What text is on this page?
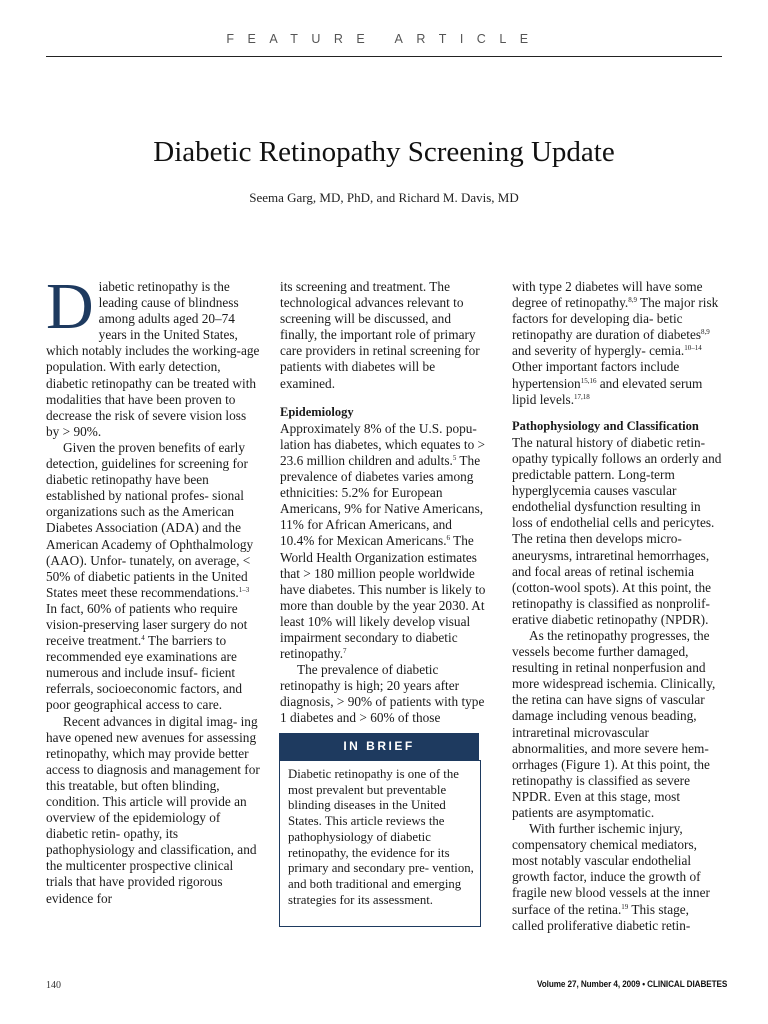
FEATURE ARTICLE
Diabetic Retinopathy Screening Update
Seema Garg, MD, PhD, and Richard M. Davis, MD

Diabetic retinopathy is the leading cause of blindness among adults aged 20–74 years in the United States, which notably includes the working-age population. With early detection, diabetic retinopathy can be treated with modalities that have been proven to decrease the risk of severe vision loss by > 90%.

Given the proven benefits of early detection, guidelines for screening for diabetic retinopathy have been established by national profes- sional organizations such as the American Diabetes Association (ADA) and the American Academy of Ophthalmology (AAO). Unfor- tunately, on average, < 50% of diabetic patients in the United States meet these recommendations.$^{1-3}$ In fact, 60% of patients who require vision-preserving laser surgery do not receive treatment.$^4$ The barriers to recommended eye examinations are numerous and include insuf- ficient referrals, socioeconomic factors, and poor geographical access to care.

Recent advances in digital imag- ing have opened new avenues for assessing retinopathy, which may provide better access to diagnosis and management for this treatable, but often blinding, condition. This article will provide an overview of the epidemiology of diabetic retin- opathy, its pathophysiology and classification, and the multicenter prospective clinical trials that have provided rigorous evidence for

its screening and treatment. The technological advances relevant to screening will be discussed, and finally, the important role of primary care providers in retinal screening for patients with diabetes will be examined.

Epidemiology

Approximately 8% of the U.S. popu- lation has diabetes, which equates to > 23.6 million children and adults.$^5$ The prevalence of diabetes varies among ethnicities: 5.2% for European Americans, 9% for Native Americans, 11% for African Americans, and 10.4% for Mexican Americans.$^6$ The World Health Organization estimates that > 180 million people worldwide have diabetes. This number is likely to more than double by the year 2030. At least 10% will likely develop visual impairment secondary to diabetic retinopathy.$^7$

The prevalence of diabetic retinopathy is high; 20 years after diagnosis, > 90% of patients with type 1 diabetes and > 60% of those

IN BRIEF

Diabetic retinopathy is one of the most prevalent but preventable blinding diseases in the United States. This article reviews the pathophysiology of diabetic retinopathy, the evidence for its primary and secondary pre- vention, and both traditional and emerging strategies for its assessment.

with type 2 diabetes will have some degree of retinopathy.$^{8,9}$ The major risk factors for developing dia- betic retinopathy are duration of diabetes$^{8,9}$ and severity of hypergly- cemia.$^{10-14}$ Other important factors include hypertension$^{15,16}$ and elevated serum lipid levels.$^{17,18}$

Pathophysiology and Classification

The natural history of diabetic retin- opathy typically follows an orderly and predictable pattern. Long-term hyperglycemia causes vascular endothelial dysfunction resulting in loss of endothelial cells and pericytes. The retina then develops micro- aneurysms, intraretinal hemorrhages, and focal areas of retinal ischemia (cotton-wool spots). At this point, the retinopathy is classified as nonprolif- erative diabetic retinopathy (NPDR).

As the retinopathy progresses, the vessels become further damaged, resulting in retinal nonperfusion and more widespread ischemia. Clinically, the retina can have signs of vascular damage including venous beading, intraretinal microvascular abnormalities, and more severe hem- orrhages (Figure 1). At this point, the retinopathy is classified as severe NPDR. Even at this stage, most patients are asymptomatic.

With further ischemic injury, compensatory chemical mediators, most notably vascular endothelial growth factor, induce the growth of fragile new blood vessels at the inner surface of the retina.$^{19}$ This stage, called proliferative diabetic retin-

140	Volume 27, Number 4, 2009 • CLINICAL DIABETES
